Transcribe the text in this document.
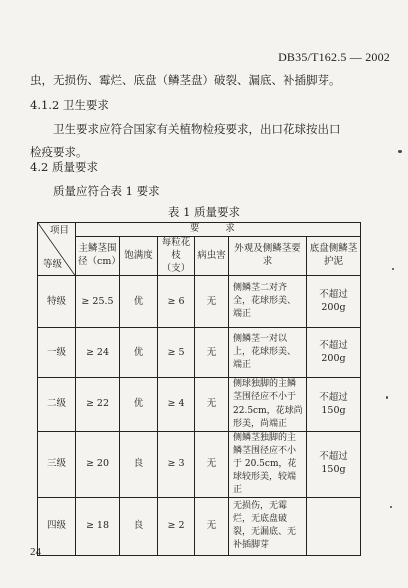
DB35/T162.5 — 2002
虫，无损伤、霉烂、底盘（鳞茎盘）破裂、漏底、补插脚芽。
4.1.2 卫生要求
卫生要求应符合国家有关植物检疫要求，出口花球按出口
检疫要求。
4.2 质量要求
质量应符合表 1 要求
表 1 质量要求
项目
等级	要 求					
	主鳞茎围径（cm）	饱满度	每粒花枝（支）	病虫害	外观及侧鳞茎要求	底盘侧鳞茎护泥
特级	≥ 25.5	优	≥ 6	无	侧鳞茎二对齐全，花球形美、端正	不超过200g
一级	≥ 24	优	≥ 5	无	侧鳞茎一对以上，花球形美、端正	不超过200g
二级	≥ 22	优	≥ 4	无	侧球独脚的主鳞茎围径应不小于 22.5cm，花球尚形美，尚端正	不超过150g
三级	≥ 20	良	≥ 3	无	侧鳞茎独脚的主鳞茎围径应不小于 20.5cm，花球较形美，较端正	不超过150g
四级	≥ 18	良	≥ 2	无	无损伤，无霉烂，无底盘破裂，无漏底、无补插脚芽	
24
